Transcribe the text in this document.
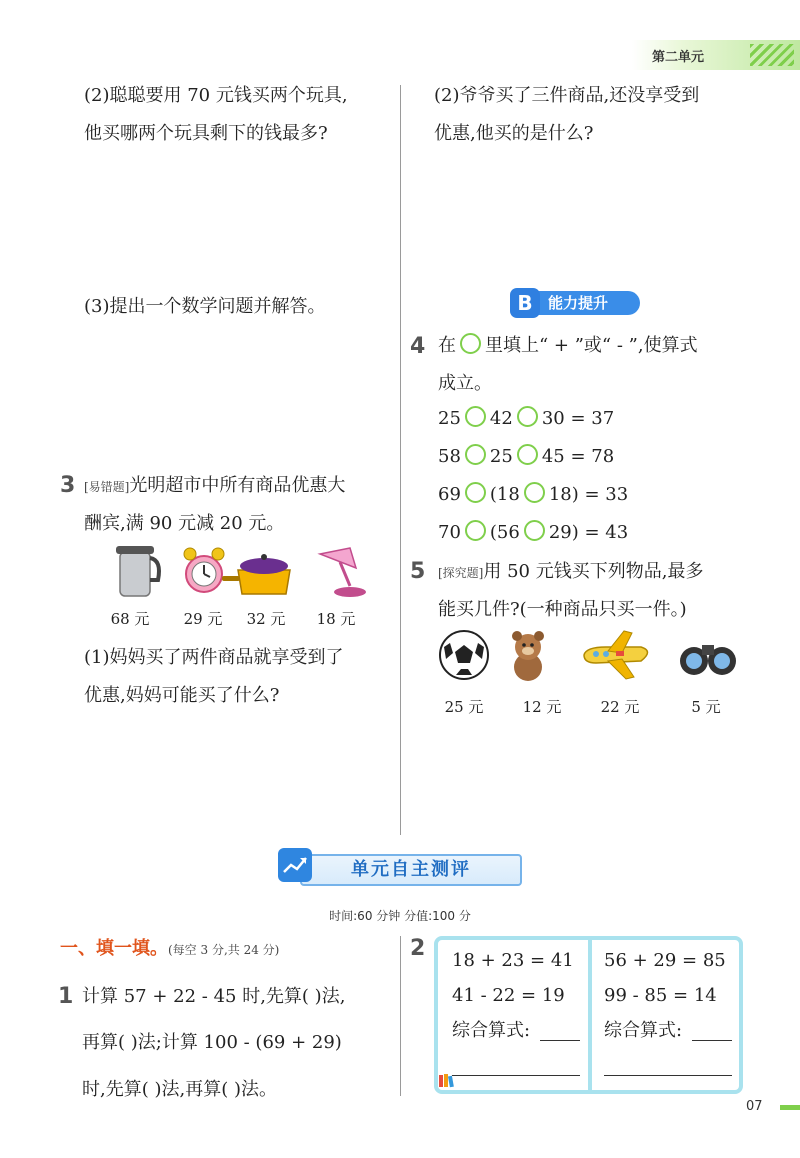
第二单元
(2)聪聪要用 70 元钱买两个玩具,
他买哪两个玩具剩下的钱最多?
(3)提出一个数学问题并解答。
3 [易错题]光明超市中所有商品优惠大
酬宾,满 90 元减 20 元。
68 元	29 元	32 元	18 元
(1)妈妈买了两件商品就享受到了
优惠,妈妈可能买了什么?
(2)爷爷买了三件商品,还没享受到
优惠,他买的是什么?
能力提升
B
4 在 里填上“ + ”或“ - ”,使算式
成立。
25 42 30 = 37
58 25 45 = 78
69 (18 18) = 33
70 (56 29) = 43
5 [探究题]用 50 元钱买下列物品,最多
能买几件?(一种商品只买一件。)
25 元	12 元	22 元	5 元
单元自主测评
时间:60 分钟 分值:100 分
一、填一填。(每空 3 分,共 24 分)
1 计算 57 + 22 - 45 时,先算( )法,
再算( )法;计算 100 - (69 + 29)
时,先算( )法,再算( )法。
2 18 + 23 = 41
41 - 22 = 19
综合算式:
56 + 29 = 85
99 - 85 = 14
综合算式:
07
